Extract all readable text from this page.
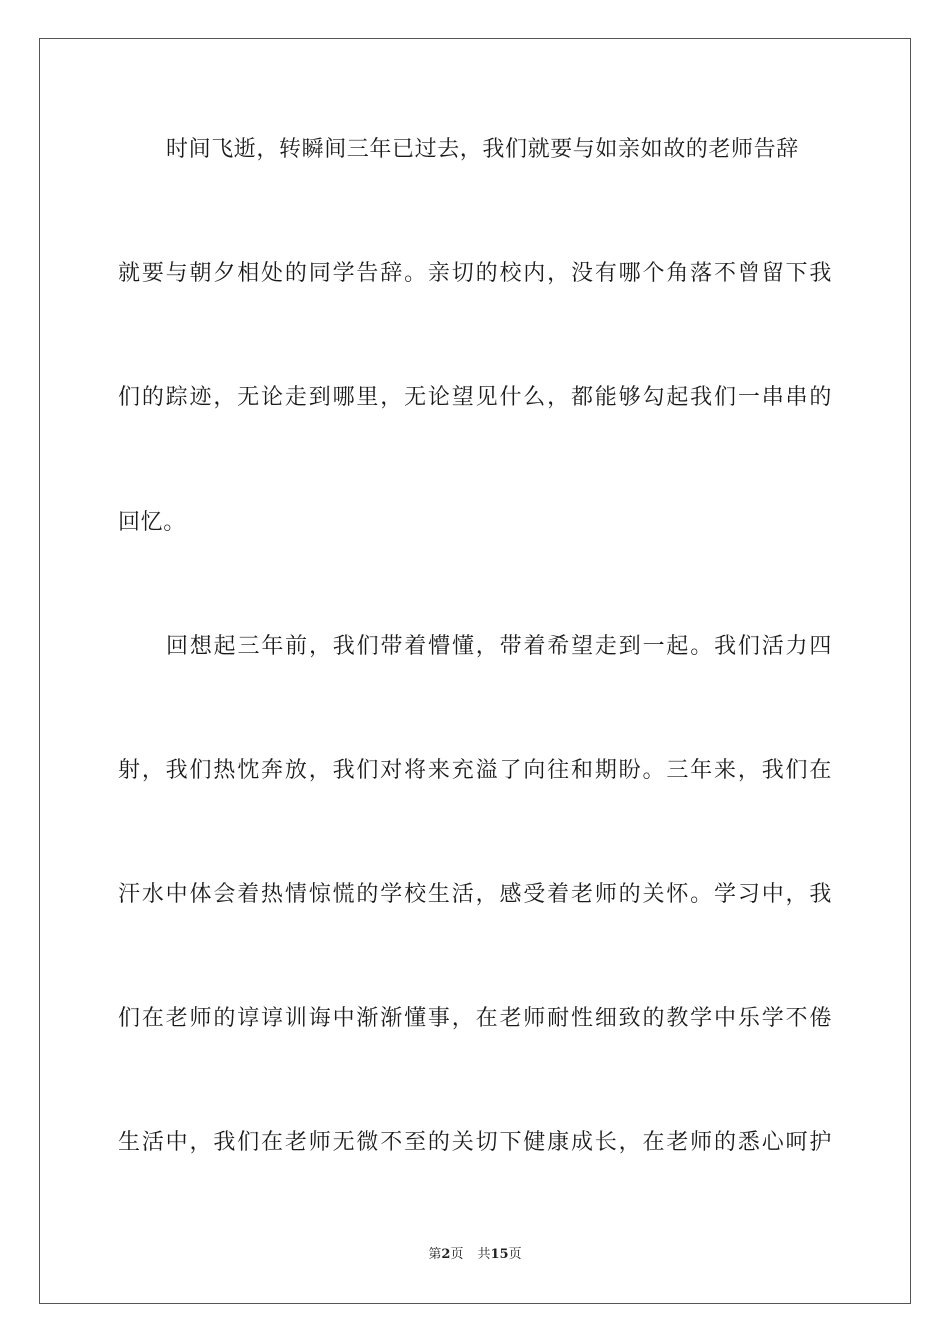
时间飞逝，转瞬间三年已过去，我们就要与如亲如故的老师告辞
就要与朝夕相处的同学告辞。亲切的校内，没有哪个角落不曾留下我
们的踪迹，无论走到哪里，无论望见什么，都能够勾起我们一串串的
回忆。
回想起三年前，我们带着懵懂，带着希望走到一起。我们活力四
射，我们热忱奔放，我们对将来充溢了向往和期盼。三年来，我们在
汗水中体会着热情惊慌的学校生活，感受着老师的关怀。学习中，我
们在老师的谆谆训诲中渐渐懂事，在老师耐性细致的教学中乐学不倦
生活中，我们在老师无微不至的关切下健康成长，在老师的悉心呵护
第2页 共15页
